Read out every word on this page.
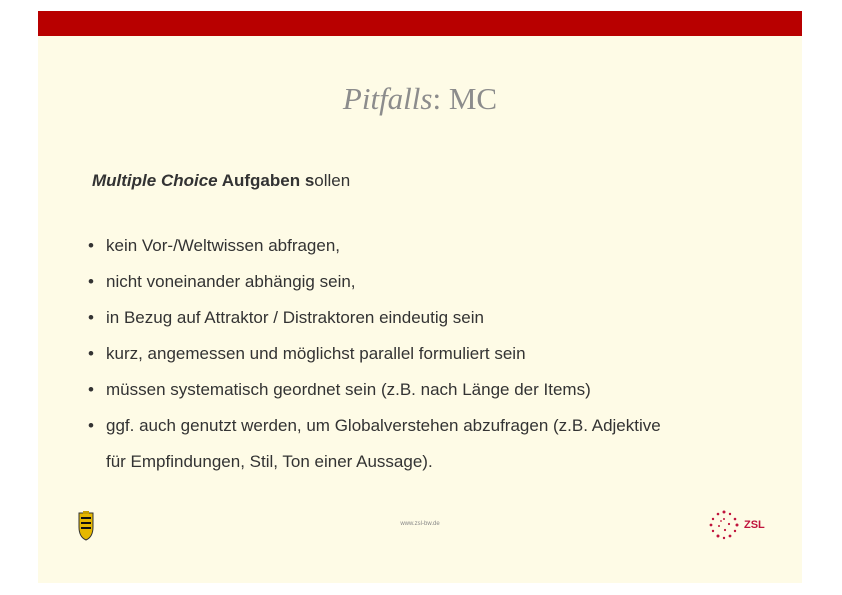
Pitfalls: MC
Multiple Choice Aufgaben sollen
• kein Vor-/Weltwissen abfragen,
• nicht voneinander abhängig sein,
• in Bezug auf Attraktor / Distraktoren eindeutig sein
• kurz, angemessen und möglichst parallel formuliert sein
• müssen systematisch geordnet sein (z.B. nach Länge der Items)
• ggf. auch genutzt werden, um Globalverstehen abzufragen (z.B. Adjektive
für Empfindungen, Stil, Ton einer Aussage).
www.zsl-bw.de	ZSL
